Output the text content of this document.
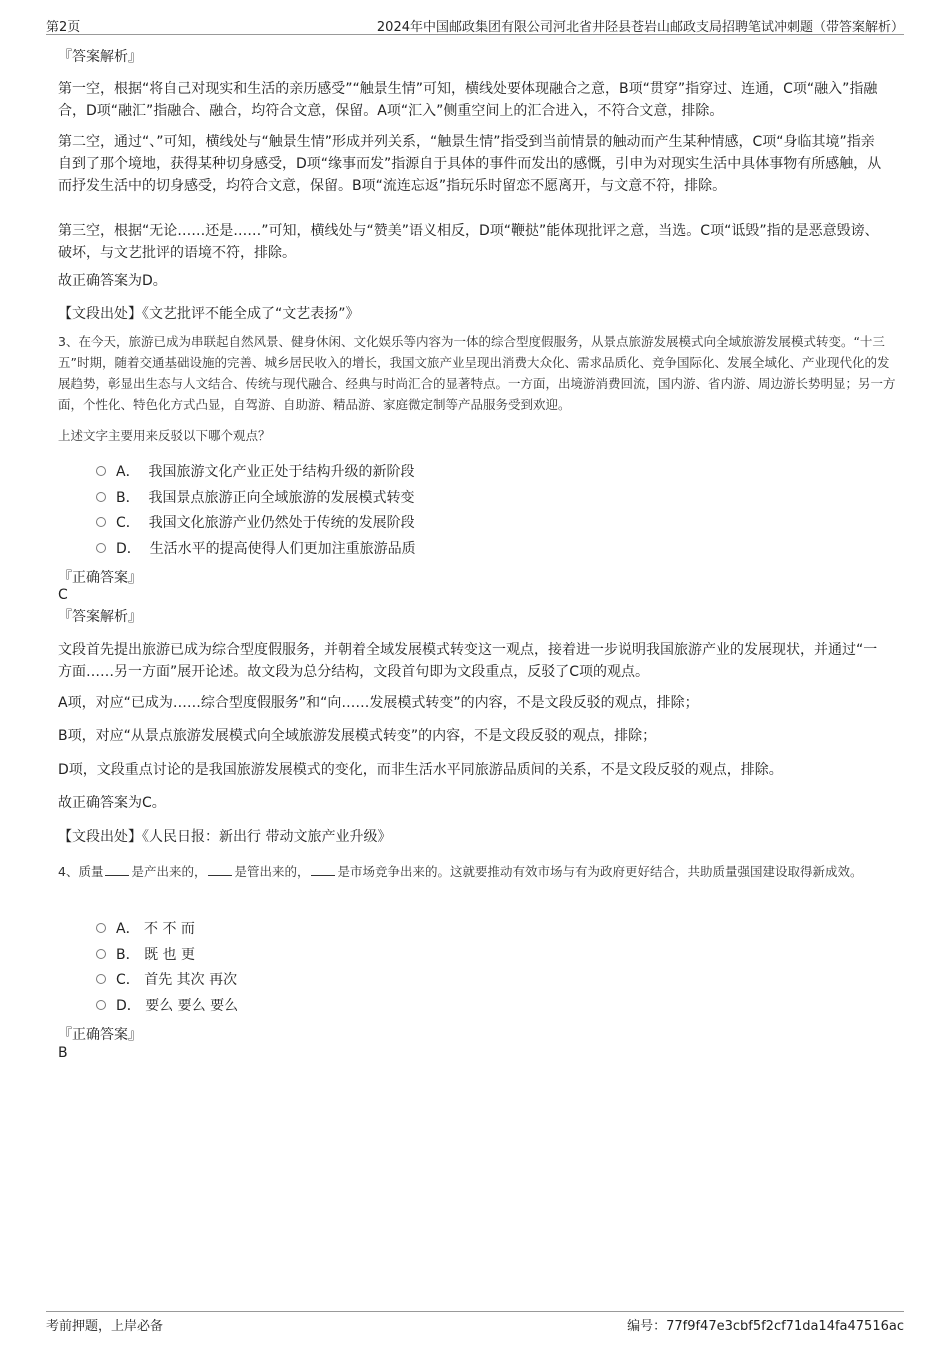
第2页	2024年中国邮政集团有限公司河北省井陉县苍岩山邮政支局招聘笔试冲刺题（带答案解析）
『答案解析』
第一空，根据“将自己对现实和生活的亲历感受”“触景生情”可知，横线处要体现融合之意，B项“贯穿”指穿过、连通，C项“融入”指融合，D项“融汇”指融合、融合，均符合文意，保留。A项“汇入”侧重空间上的汇合进入，不符合文意，排除。
第二空，通过“、”可知，横线处与“触景生情”形成并列关系，“触景生情”指受到当前情景的触动而产生某种情感，C项“身临其境”指亲自到了那个境地，获得某种切身感受，D项“缘事而发”指源自于具体的事件而发出的感慨，引申为对现实生活中具体事物有所感触，从而抒发生活中的切身感受，均符合文意，保留。B项“流连忘返”指玩乐时留恋不愿离开，与文意不符，排除。
第三空，根据“无论……还是……”可知，横线处与“赞美”语义相反，D项“鞭挞”能体现批评之意，当选。C项“诋毁”指的是恶意毁谤、破坏，与文艺批评的语境不符，排除。
故正确答案为D。
【文段出处】《文艺批评不能全成了“文艺表扬”》
3、在今天，旅游已成为串联起自然风景、健身休闲、文化娱乐等内容为一体的综合型度假服务，从景点旅游发展模式向全域旅游发展模式转变。“十三五”时期，随着交通基础设施的完善、城乡居民收入的增长，我国文旅产业呈现出消费大众化、需求品质化、竞争国际化、发展全域化、产业现代化的发展趋势，彰显出生态与人文结合、传统与现代融合、经典与时尚汇合的显著特点。一方面，出境游消费回流，国内游、省内游、周边游长势明显；另一方面，个性化、特色化方式凸显，自驾游、自助游、精品游、家庭微定制等产品服务受到欢迎。
上述文字主要用来反驳以下哪个观点？
A． 我国旅游文化产业正处于结构升级的新阶段
B． 我国景点旅游正向全域旅游的发展模式转变
C． 我国文化旅游产业仍然处于传统的发展阶段
D． 生活水平的提高使得人们更加注重旅游品质
『正确答案』
C
『答案解析』
文段首先提出旅游已成为综合型度假服务，并朝着全域发展模式转变这一观点，接着进一步说明我国旅游产业的发展现状，并通过“一方面……另一方面”展开论述。故文段为总分结构，文段首句即为文段重点，反驳了C项的观点。
A项，对应“已成为……综合型度假服务”和“向……发展模式转变”的内容，不是文段反驳的观点，排除；
B项，对应“从景点旅游发展模式向全域旅游发展模式转变”的内容，不是文段反驳的观点，排除；
D项，文段重点讨论的是我国旅游发展模式的变化，而非生活水平同旅游品质间的关系，不是文段反驳的观点，排除。
故正确答案为C。
【文段出处】《人民日报：新出行 带动文旅产业升级》
4、质量 是产出来的， 是管出来的， 是市场竞争出来的。这就要推动有效市场与有为政府更好结合，共助质量强国建设取得新成效。
A． 不 不 而
B． 既 也 更
C． 首先 其次 再次
D． 要么 要么 要么
『正确答案』
B
考前押题，上岸必备	编号：77f9f47e3cbf5f2cf71da14fa47516ac
